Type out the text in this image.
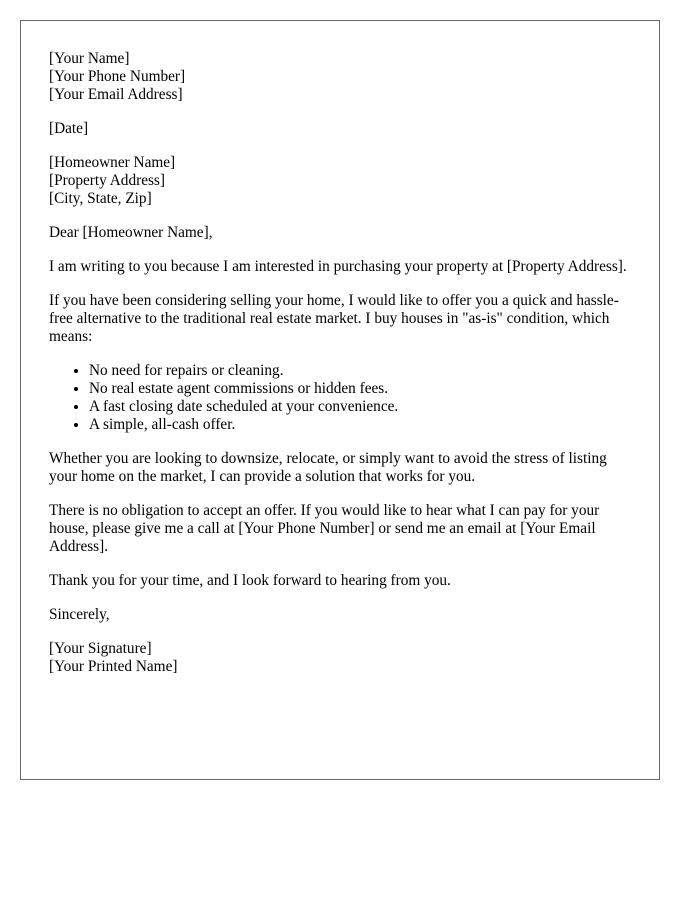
[Your Name]
[Your Phone Number]
[Your Email Address]
[Date]
[Homeowner Name]
[Property Address]
[City, State, Zip]

Dear [Homeowner Name],

I am writing to you because I am interested in purchasing your property at [Property Address].

If you have been considering selling your home, I would like to offer you a quick and hassle-free alternative to the traditional real estate market. I buy houses in "as-is" condition, which means:

• No need for repairs or cleaning.
• No real estate agent commissions or hidden fees.
• A fast closing date scheduled at your convenience.
• A simple, all-cash offer.

Whether you are looking to downsize, relocate, or simply want to avoid the stress of listing your home on the market, I can provide a solution that works for you.

There is no obligation to accept an offer. If you would like to hear what I can pay for your house, please give me a call at [Your Phone Number] or send me an email at [Your Email Address].

Thank you for your time, and I look forward to hearing from you.

Sincerely,

[Your Signature]
[Your Printed Name]
